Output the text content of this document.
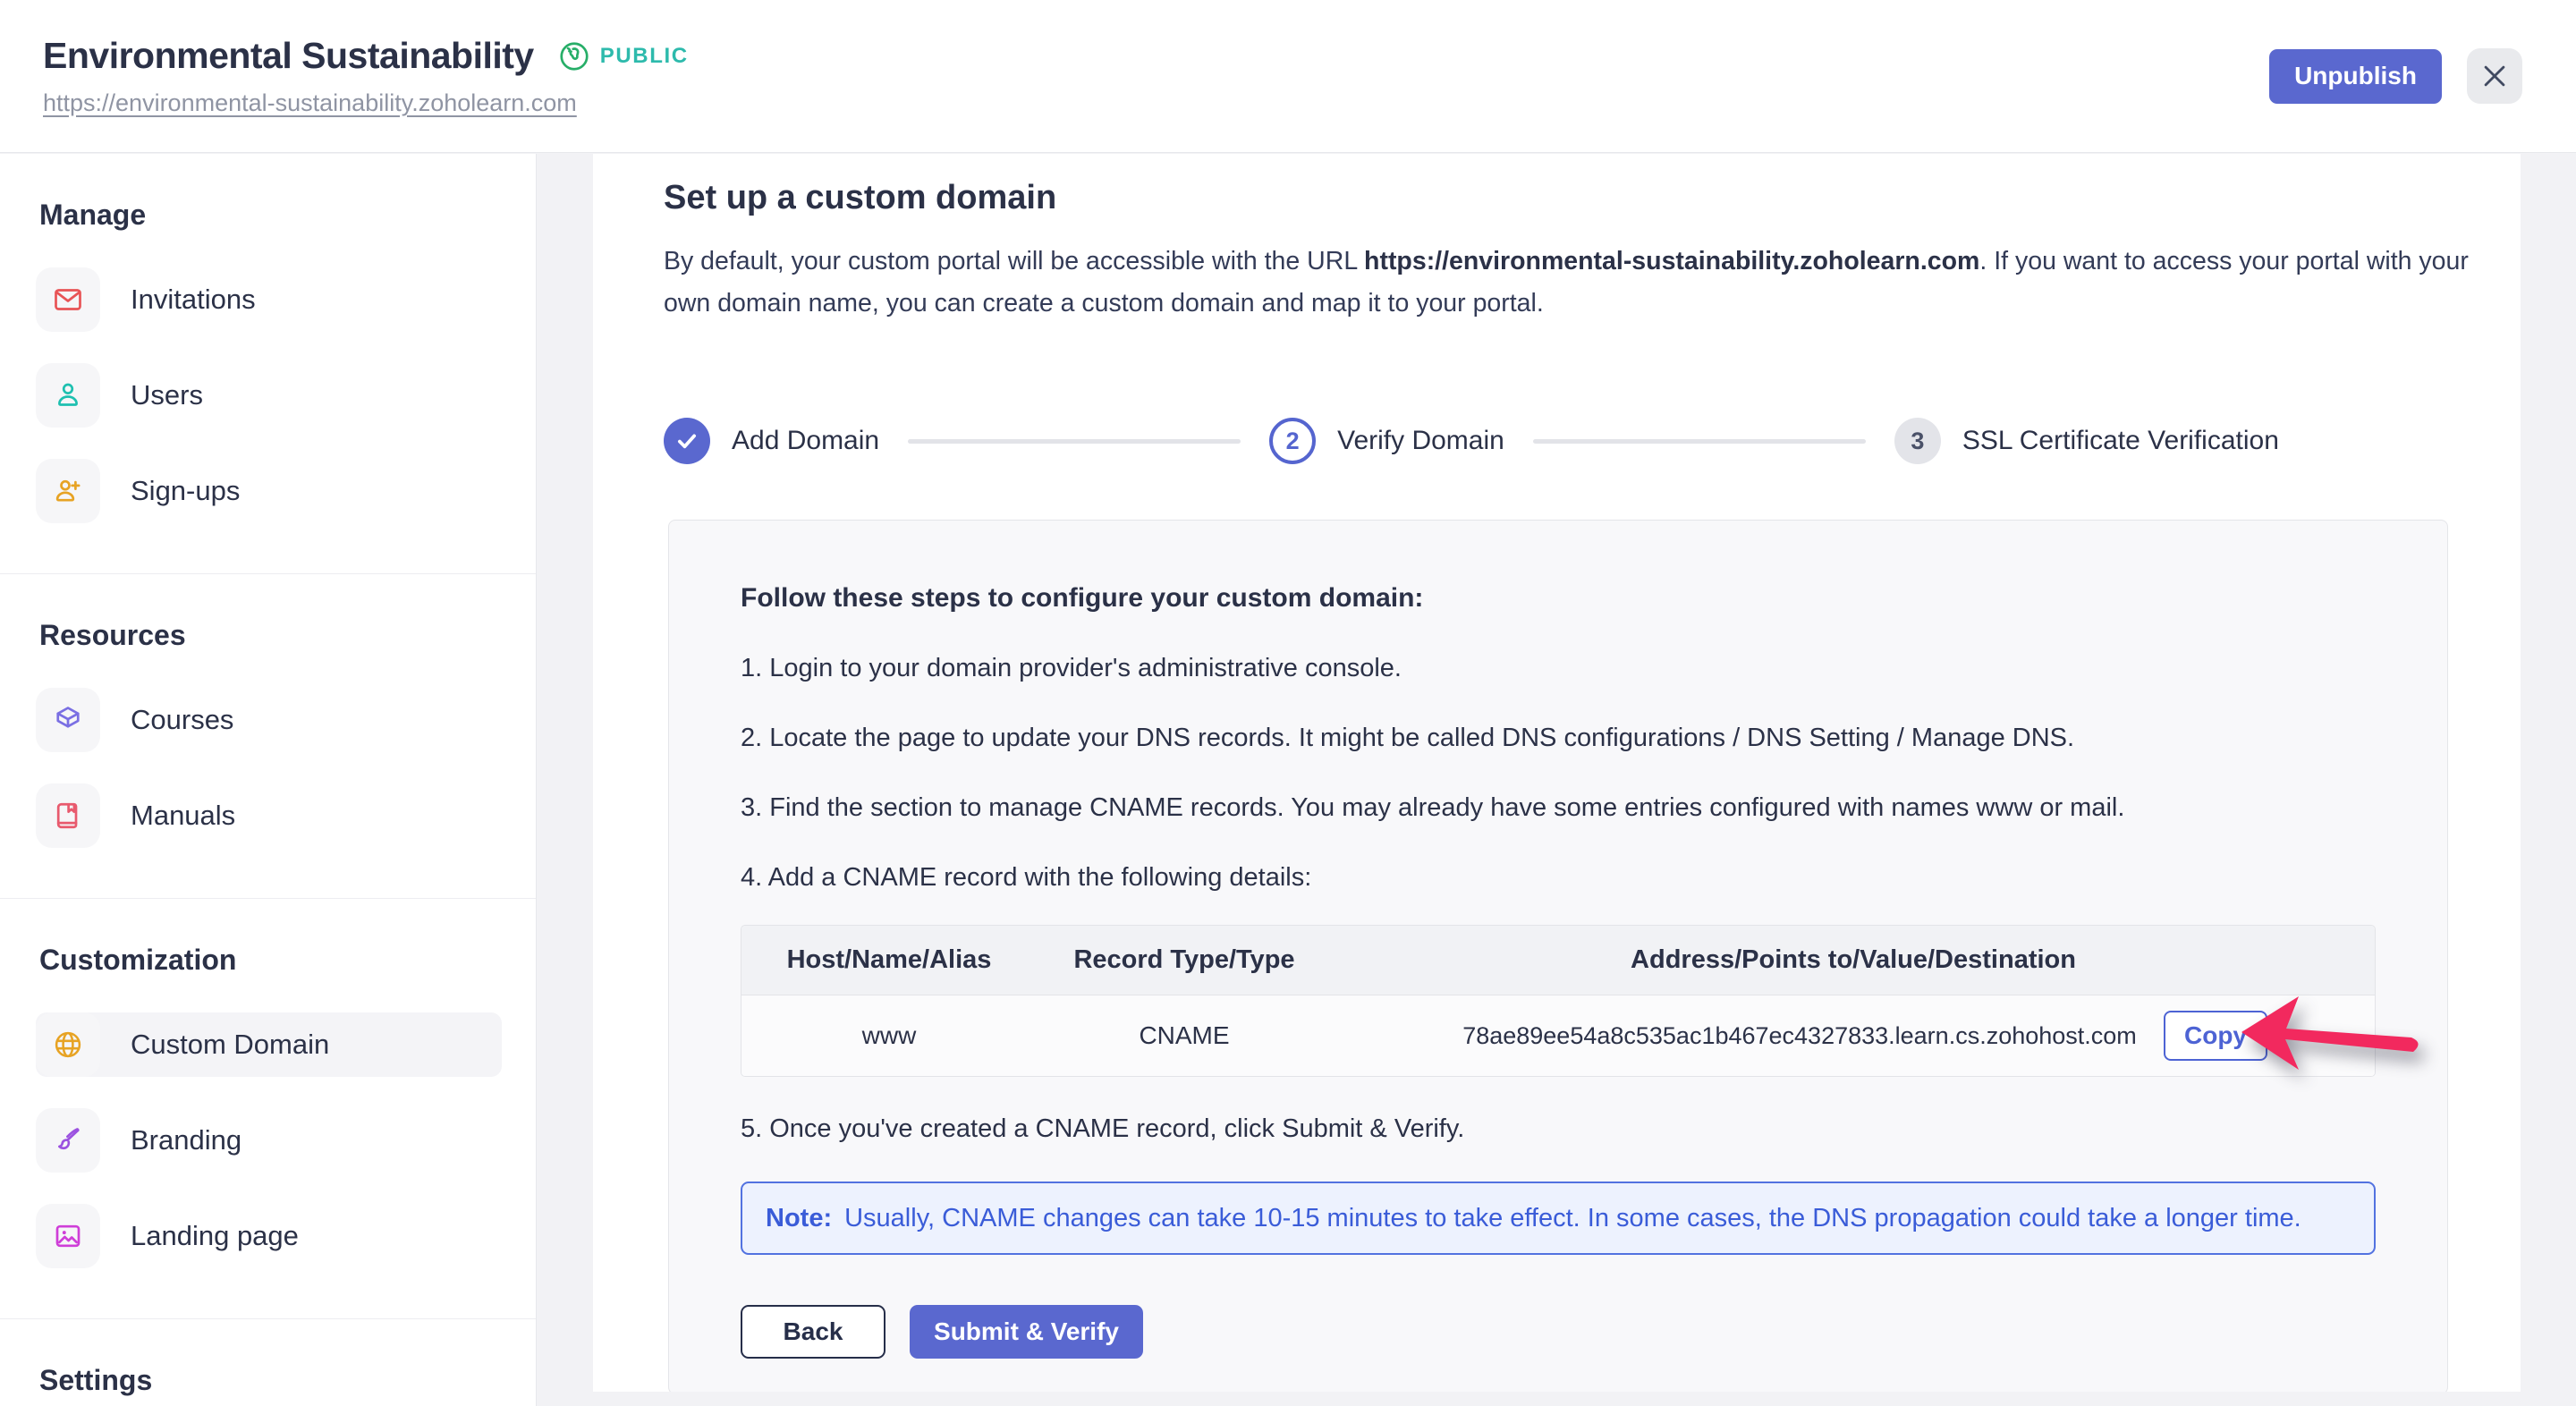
Environmental Sustainability	PUBLIC
https://environmental-sustainability.zoholearn.com
Unpublish
Manage
Invitations
Users
Sign-ups
Resources
Courses
Manuals
Customization
Custom Domain
Branding
Landing page
Settings
Set up a custom domain

By default, your custom portal will be accessible with the URL https://environmental-sustainability.zoholearn.com. If you want to access your portal with your own domain name, you can create a custom domain and map it to your portal.

Add Domain	2	Verify Domain	3	SSL Certificate Verification
Follow these steps to configure your custom domain:
1. Login to your domain provider's administrative console.
2. Locate the page to update your DNS records. It might be called DNS configurations / DNS Setting / Manage DNS.
3. Find the section to manage CNAME records. You may already have some entries configured with names www or mail.
4. Add a CNAME record with the following details:
Host/Name/Alias	Record Type/Type	Address/Points to/Value/Destination
www	CNAME	78ae89ee54a8c535ac1b467ec4327833.learn.cs.zohohost.com	Copy
5. Once you've created a CNAME record, click Submit & Verify.
Note: Usually, CNAME changes can take 10-15 minutes to take effect. In some cases, the DNS propagation could take a longer time.
Back	Submit & Verify
